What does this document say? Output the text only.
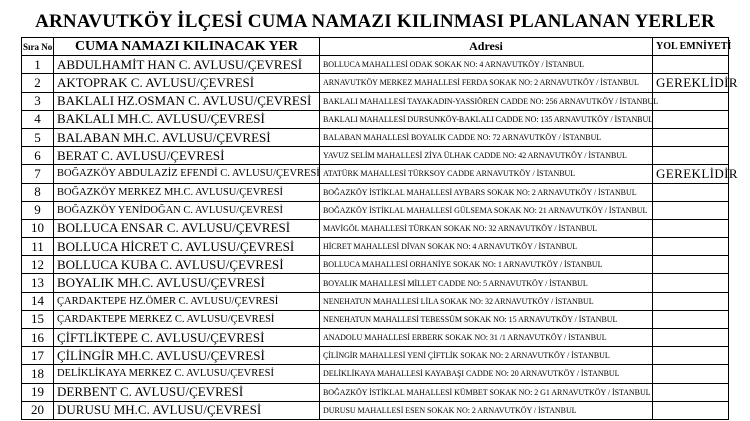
ARNAVUTKÖY İLÇESİ CUMA NAMAZI KILINMASI PLANLANAN YERLER
Sıra No	CUMA NAMAZI KILINACAK YER	Adresi	YOL EMNİYETİ
1	ABDULHAMİT HAN C. AVLUSU/ÇEVRESİ	BOLLUCA MAHALLESİ ODAK SOKAK NO: 4 ARNAVUTKÖY / İSTANBUL	
2	AKTOPRAK C. AVLUSU/ÇEVRESİ	ARNAVUTKÖY MERKEZ MAHALLESİ FERDA SOKAK NO: 2 ARNAVUTKÖY / İSTANBUL	GEREKLİDİR
3	BAKLALI HZ.OSMAN C. AVLUSU/ÇEVRESİ	BAKLALI MAHALLESİ TAYAKADIN-YASSIÖREN CADDE NO: 256 ARNAVUTKÖY / İSTANBUL	
4	BAKLALI MH.C. AVLUSU/ÇEVRESİ	BAKLALI MAHALLESİ DURSUNKÖY-BAKLALI CADDE NO: 135 ARNAVUTKÖY / İSTANBUL	
5	BALABAN MH.C. AVLUSU/ÇEVRESİ	BALABAN MAHALLESİ BOYALIK CADDE NO: 72 ARNAVUTKÖY / İSTANBUL	
6	BERAT C. AVLUSU/ÇEVRESİ	YAVUZ SELİM MAHALLESİ ZİYA ÜLHAK CADDE NO: 42 ARNAVUTKÖY / İSTANBUL	
7	BOĞAZKÖY ABDULAZİZ EFENDİ C. AVLUSU/ÇEVRESİ	ATATÜRK MAHALLESİ TÜRKSOY CADDE ARNAVUTKÖY / İSTANBUL	GEREKLİDİR
8	BOĞAZKÖY MERKEZ MH.C. AVLUSU/ÇEVRESİ	BOĞAZKÖY İSTİKLAL MAHALLESİ AYBARS SOKAK NO: 2 ARNAVUTKÖY / İSTANBUL	
9	BOĞAZKÖY YENİDOĞAN C. AVLUSU/ÇEVRESİ	BOĞAZKÖY İSTİKLAL MAHALLESİ GÜLSEMA SOKAK NO: 21 ARNAVUTKÖY / İSTANBUL	
10	BOLLUCA ENSAR C. AVLUSU/ÇEVRESİ	MAVİGÖL MAHALLESİ TÜRKAN SOKAK NO: 32 ARNAVUTKÖY / İSTANBUL	
11	BOLLUCA HİCRET C. AVLUSU/ÇEVRESİ	HİCRET MAHALLESİ DİVAN SOKAK NO: 4 ARNAVUTKÖY / İSTANBUL	
12	BOLLUCA KUBA C. AVLUSU/ÇEVRESİ	BOLLUCA MAHALLESİ ORHANİYE SOKAK NO: 1 ARNAVUTKÖY / İSTANBUL	
13	BOYALIK MH.C. AVLUSU/ÇEVRESİ	BOYALIK MAHALLESİ MİLLET CADDE NO: 5 ARNAVUTKÖY / İSTANBUL	
14	ÇARDAKTEPE HZ.ÖMER C. AVLUSU/ÇEVRESİ	NENEHATUN MAHALLESİ LİLA SOKAK NO: 32 ARNAVUTKÖY / İSTANBUL	
15	ÇARDAKTEPE MERKEZ C. AVLUSU/ÇEVRESİ	NENEHATUN MAHALLESİ TEBESSÜM SOKAK NO: 15 ARNAVUTKÖY / İSTANBUL	
16	ÇİFTLİKTEPE C. AVLUSU/ÇEVRESİ	ANADOLU MAHALLESİ ERBERK SOKAK NO: 31 /1 ARNAVUTKÖY / İSTANBUL	
17	ÇİLİNGİR MH.C. AVLUSU/ÇEVRESİ	ÇİLİNGİR MAHALLESİ YENİ ÇİFTLİK SOKAK NO: 2 ARNAVUTKÖY / İSTANBUL	
18	DELİKLİKAYA MERKEZ C. AVLUSU/ÇEVRESİ	DELİKLİKAYA MAHALLESİ KAYABAŞI CADDE NO: 20 ARNAVUTKÖY / İSTANBUL	
19	DERBENT C. AVLUSU/ÇEVRESİ	BOĞAZKÖY İSTİKLAL MAHALLESİ KÜMBET SOKAK NO: 2 G1 ARNAVUTKÖY / İSTANBUL	
20	DURUSU MH.C. AVLUSU/ÇEVRESİ	DURUSU MAHALLESİ ESEN SOKAK NO: 2 ARNAVUTKÖY / İSTANBUL	
